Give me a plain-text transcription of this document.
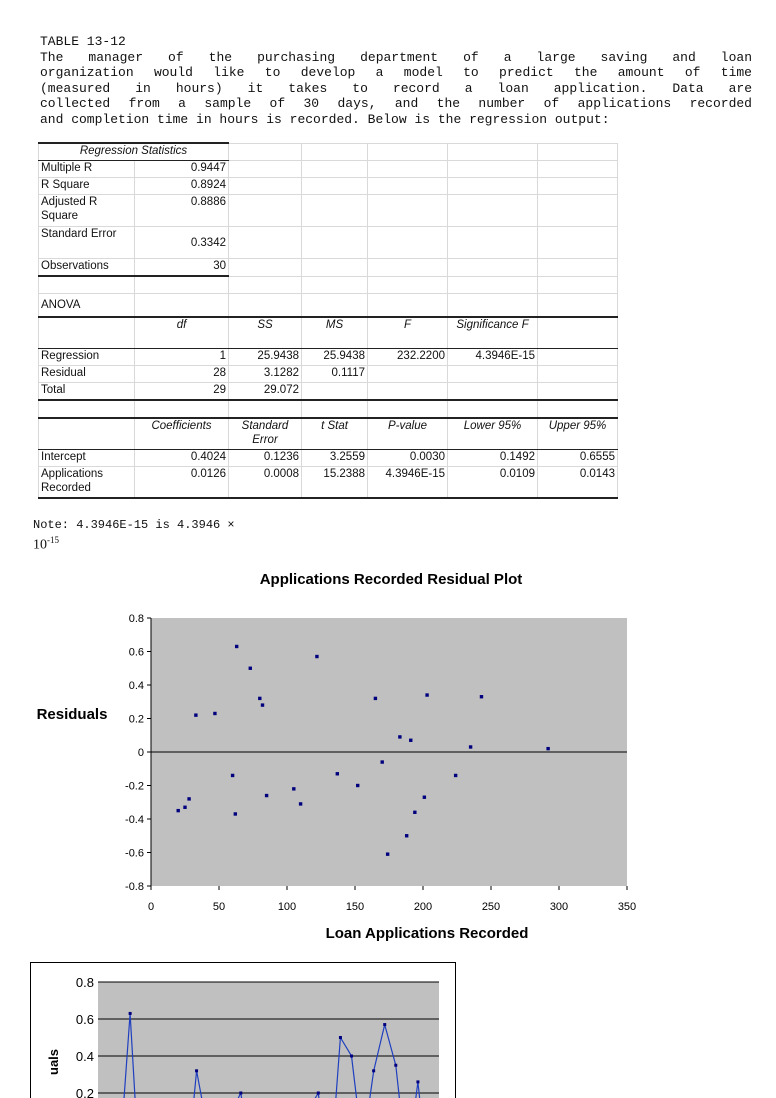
TABLE 13-12
The manager of the purchasing department of a large saving and loan
organization would like to develop a model to predict the amount of time
(measured in hours) it takes to record a loan application. Data are
collected from a sample of 30 days, and the number of applications recorded
and completion time in hours is recorded. Below is the regression output:
Regression Statistics						
Multiple R	0.9447					
R Square	0.8924					
Adjusted R Square	0.8886					
Standard Error	0.3342					
Observations	30					

ANOVA						
	df	SS	MS	F	Significance F	
Regression	1	25.9438	25.9438	232.2200	4.3946E-15	
Residual	28	3.1282	0.1117			
Total	29	29.072				

	Coefficients	Standard Error	t Stat	P-value	Lower 95%	Upper 95%
Intercept	0.4024	0.1236	3.2559	0.0030	0.1492	0.6555
Applications Recorded	0.0126	0.0008	15.2388	4.3946E-15	0.0109	0.0143
Note: 4.3946E-15 is 4.3946 ×
$10^{-15}$
Applications Recorded Residual Plot
Loan Applications Recorded
Residuals
0.8
0.6
0.4
0.2
0
-0.2
-0.4
-0.6
-0.8
0	50	100	150	200	250	300	350
0.8
0.6
0.4
0.2
uals
